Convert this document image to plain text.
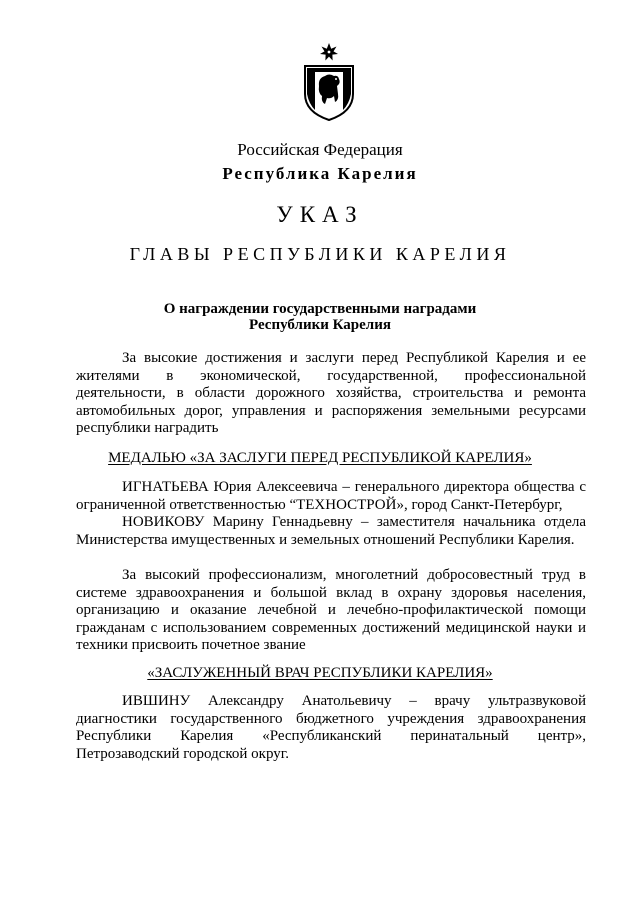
Российская Федерация
Республика Карелия
УКАЗ
ГЛАВЫ РЕСПУБЛИКИ КАРЕЛИЯ
О награждении государственными наградами
Республики Карелия
За высокие достижения и заслуги перед Республикой Карелия и ее
жителями в экономической, государственной, профессиональной
деятельности, в области дорожного хозяйства, строительства и ремонта
автомобильных дорог, управления и распоряжения земельными ресурсами
республики наградить
МЕДАЛЬЮ «ЗА ЗАСЛУГИ ПЕРЕД РЕСПУБЛИКОЙ КАРЕЛИЯ»
ИГНАТЬЕВА Юрия Алексеевича – генерального директора общества с
ограниченной ответственностью “ТЕХНОСТРОЙ», город Санкт-Петербург,
НОВИКОВУ Марину Геннадьевну – заместителя начальника отдела
Министерства имущественных и земельных отношений Республики Карелия.
За высокий профессионализм, многолетний добросовестный труд в
системе здравоохранения и большой вклад в охрану здоровья населения,
организацию и оказание лечебной и лечебно-профилактической помощи
гражданам с использованием современных достижений медицинской науки и
техники присвоить почетное звание
«ЗАСЛУЖЕННЫЙ ВРАЧ РЕСПУБЛИКИ КАРЕЛИЯ»
ИВШИНУ Александру Анатольевичу – врачу ультразвуковой
диагностики государственного бюджетного учреждения здравоохранения
Республики Карелия «Республиканский перинатальный центр»,
Петрозаводский городской округ.
